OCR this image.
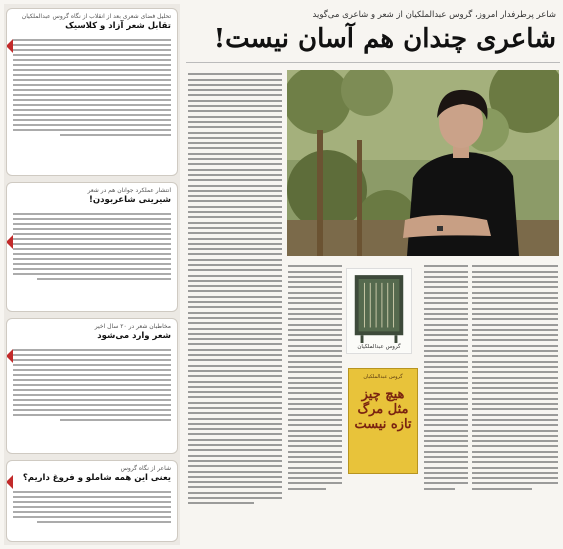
تحلیل فضای شعری بعد از انقلاب از نگاه گروس عبدالملکیان
تقابل شعر آزاد و کلاسیک
انتشار عملکرد جوانان هم در شعر
شیرینی شاعربودن!
مخاطبان شعر در ۲۰ سال اخیر
شعر وارد می‌شود
شاعر از نگاه گروس
یعنی این همه شاملو و فروغ داریم؟
شاعر پرطرفدار امروز، گروس عبدالملکیان از شعر و شاعری می‌گوید
شاعری چندان هم آسان نیست!
گروس عبدالملکیان
گروس عبدالملکیان
هیچ چیز مثل مرگ تازه نیست
